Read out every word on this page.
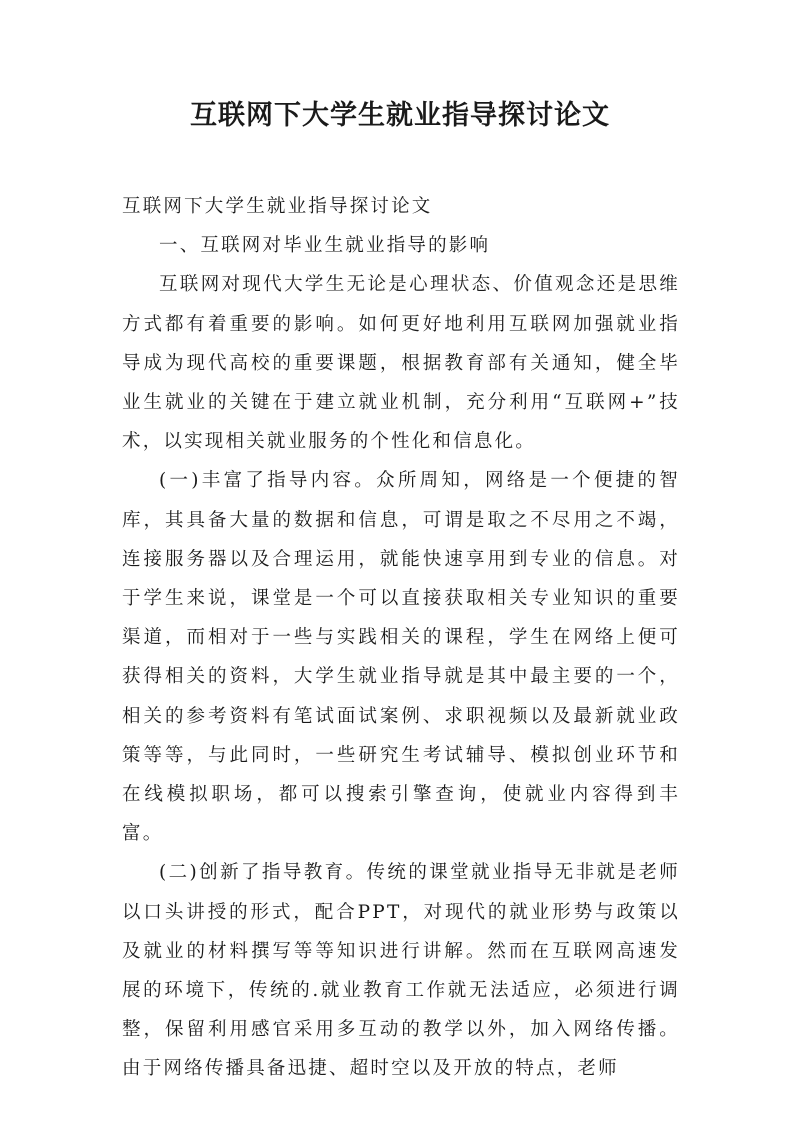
互联网下大学生就业指导探讨论文

互联网下大学生就业指导探讨论文

一、互联网对毕业生就业指导的影响

互联网对现代大学生无论是心理状态、价值观念还是思维方式都有着重要的影响。如何更好地利用互联网加强就业指导成为现代高校的重要课题，根据教育部有关通知，健全毕业生就业的关键在于建立就业机制，充分利用“互联网+”技术，以实现相关就业服务的个性化和信息化。

(一)丰富了指导内容。众所周知，网络是一个便捷的智库，其具备大量的数据和信息，可谓是取之不尽用之不竭，连接服务器以及合理运用，就能快速享用到专业的信息。对于学生来说，课堂是一个可以直接获取相关专业知识的重要渠道，而相对于一些与实践相关的课程，学生在网络上便可获得相关的资料，大学生就业指导就是其中最主要的一个，相关的参考资料有笔试面试案例、求职视频以及最新就业政策等等，与此同时，一些研究生考试辅导、模拟创业环节和在线模拟职场，都可以搜索引擎查询，使就业内容得到丰富。

(二)创新了指导教育。传统的课堂就业指导无非就是老师以口头讲授的形式，配合PPT，对现代的就业形势与政策以及就业的材料撰写等等知识进行讲解。然而在互联网高速发展的环境下，传统的.就业教育工作就无法适应，必须进行调整，保留利用感官采用多互动的教学以外，加入网络传播。由于网络传播具备迅捷、超时空以及开放的特点，老师
